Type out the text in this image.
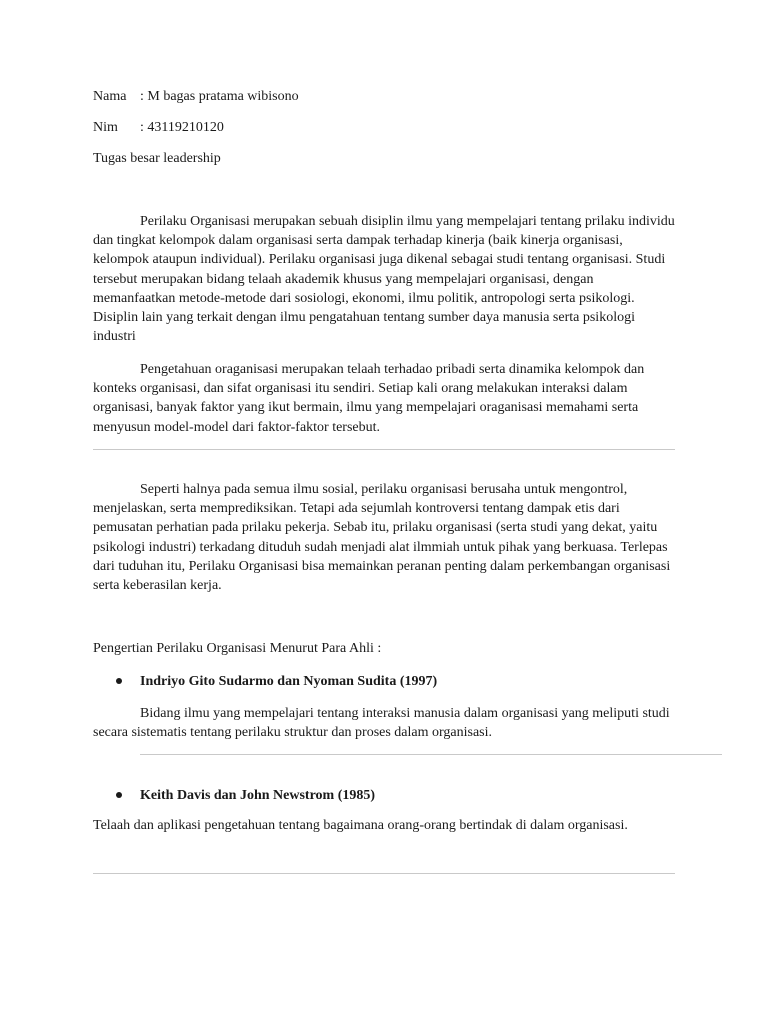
Nama : M bagas pratama wibisono
Nim : 43119210120
Tugas besar leadership

Perilaku Organisasi merupakan sebuah disiplin ilmu yang mempelajari tentang prilaku individu dan tingkat kelompok dalam organisasi serta dampak terhadap kinerja (baik kinerja organisasi, kelompok ataupun individual). Perilaku organisasi juga dikenal sebagai studi tentang organisasi. Studi tersebut merupakan bidang telaah akademik khusus yang mempelajari organisasi, dengan memanfaatkan metode-metode dari sosiologi, ekonomi, ilmu politik, antropologi serta psikologi. Disiplin lain yang terkait dengan ilmu pengatahuan tentang sumber daya manusia serta psikologi industri

Pengetahuan oraganisasi merupakan telaah terhadao pribadi serta dinamika kelompok dan konteks organisasi, dan sifat organisasi itu sendiri. Setiap kali orang melakukan interaksi dalam organisasi, banyak faktor yang ikut bermain, ilmu yang mempelajari oraganisasi memahami serta menyusun model-model dari faktor-faktor tersebut.

Seperti halnya pada semua ilmu sosial, perilaku organisasi berusaha untuk mengontrol, menjelaskan, serta memprediksikan. Tetapi ada sejumlah kontroversi tentang dampak etis dari pemusatan perhatian pada prilaku pekerja. Sebab itu, prilaku organisasi (serta studi yang dekat, yaitu psikologi industri) terkadang dituduh sudah menjadi alat ilmmiah untuk pihak yang berkuasa. Terlepas dari tuduhan itu, Perilaku Organisasi bisa memainkan peranan penting dalam perkembangan organisasi serta keberasilan kerja.

Pengertian Perilaku Organisasi Menurut Para Ahli :
Indriyo Gito Sudarmo dan Nyoman Sudita (1997)

Bidang ilmu yang mempelajari tentang interaksi manusia dalam organisasi yang meliputi studi secara sistematis tentang perilaku struktur dan proses dalam organisasi.

Keith Davis dan John Newstrom (1985)

Telaah dan aplikasi pengetahuan tentang bagaimana orang-orang bertindak di dalam organisasi.
